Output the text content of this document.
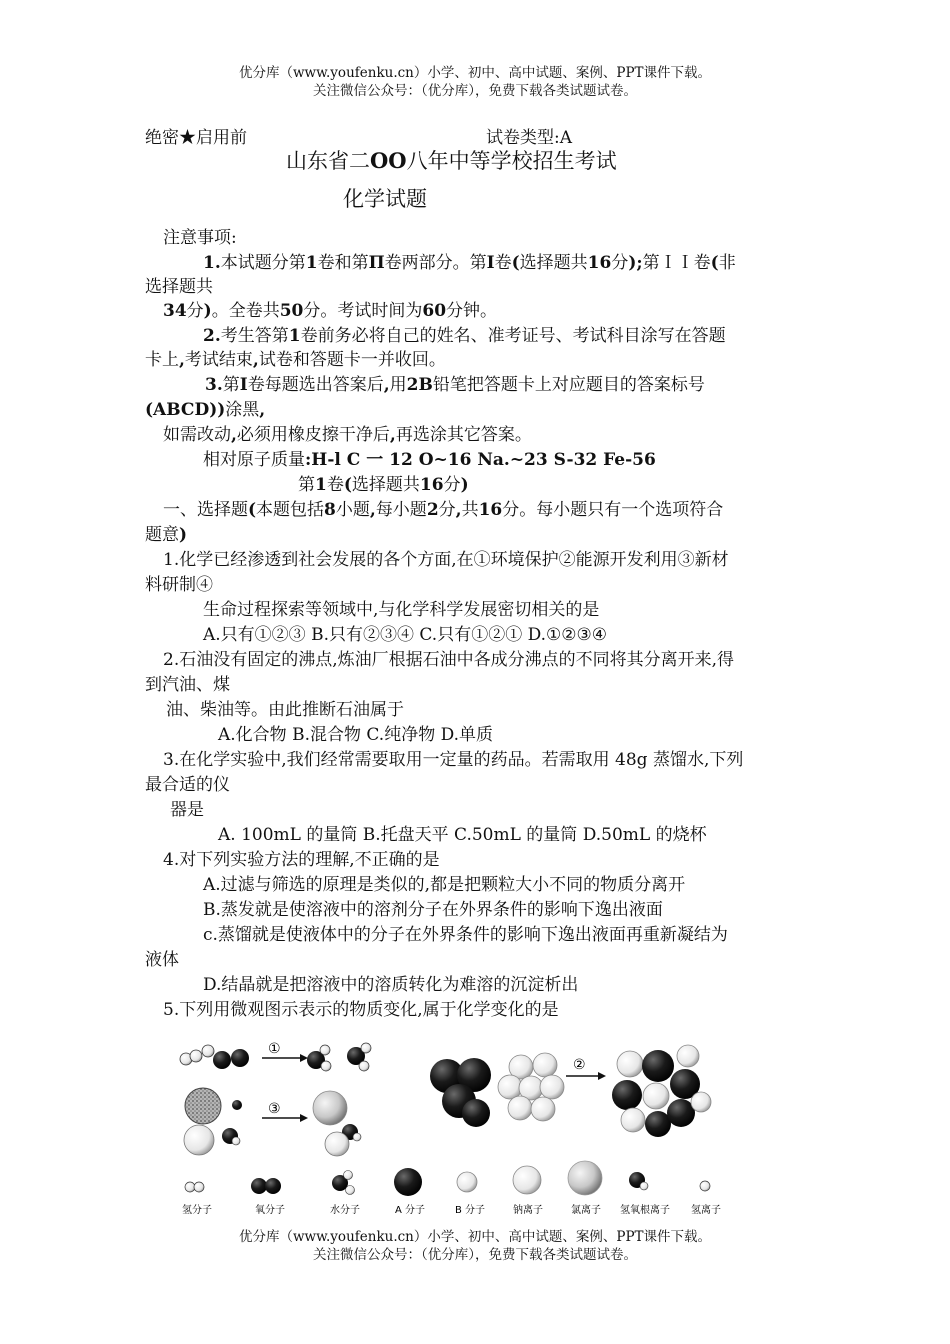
优分库（www.youfenku.cn）小学、初中、高中试题、案例、PPT课件下载。
关注微信公众号：（优分库），免费下载各类试题试卷。
绝密★启用前	试卷类型:A
山东省二OO八年中等学校招生考试
化学试题
注意事项:
1.本试题分第1卷和第Π卷两部分。第I卷(选择题共16分);第ＩＩ卷(非
选择题共
34分)。全卷共50分。考试时间为60分钟。
2.考生答第1卷前务必将自己的姓名、准考证号、考试科目涂写在答题
卡上,考试结束,试卷和答题卡一并收回。
3.第I卷每题选出答案后,用2B铅笔把答题卡上对应题目的答案标号
(ABCD))涂黑,
如需改动,必须用橡皮擦干净后,再选涂其它答案。
相对原子质量:H-l C 一 12 O~16 Na.~23 S-32 Fe-56
第1卷(选择题共16分)
一、选择题(本题包括8小题,每小题2分,共16分。每小题只有一个选项符合
题意)
1.化学已经渗透到社会发展的各个方面,在①环境保护②能源开发利用③新材
料研制④
生命过程探索等领域中,与化学科学发展密切相关的是
A.只有①②③ B.只有②③④ C.只有①②① D.①②③④
2.石油没有固定的沸点,炼油厂根据石油中各成分沸点的不同将其分离开来,得
到汽油、煤
油、柴油等。由此推断石油属于
A.化合物 B.混合物 C.纯净物 D.单质
3.在化学实验中,我们经常需要取用一定量的药品。若需取用 48g 蒸馏水,下列
最合适的仪
器是
A. 100mL 的量筒 B.托盘天平 C.50mL 的量筒 D.50mL 的烧杯
4.对下列实验方法的理解,不正确的是
A.过滤与筛选的原理是类似的,都是把颗粒大小不同的物质分离开
B.蒸发就是使溶液中的溶剂分子在外界条件的影响下逸出液面
c.蒸馏就是使液体中的分子在外界条件的影响下逸出液面再重新凝结为
液体
D.结晶就是把溶液中的溶质转化为难溶的沉淀析出
5.下列用微观图示表示的物质变化,属于化学变化的是
①
③
②
氢分子	氧分子	水分子	A 分子	B 分子	钠离子	氯离子 氢氧根离子 氢离子
优分库（www.youfenku.cn）小学、初中、高中试题、案例、PPT课件下载。
关注微信公众号：（优分库），免费下载各类试题试卷。
